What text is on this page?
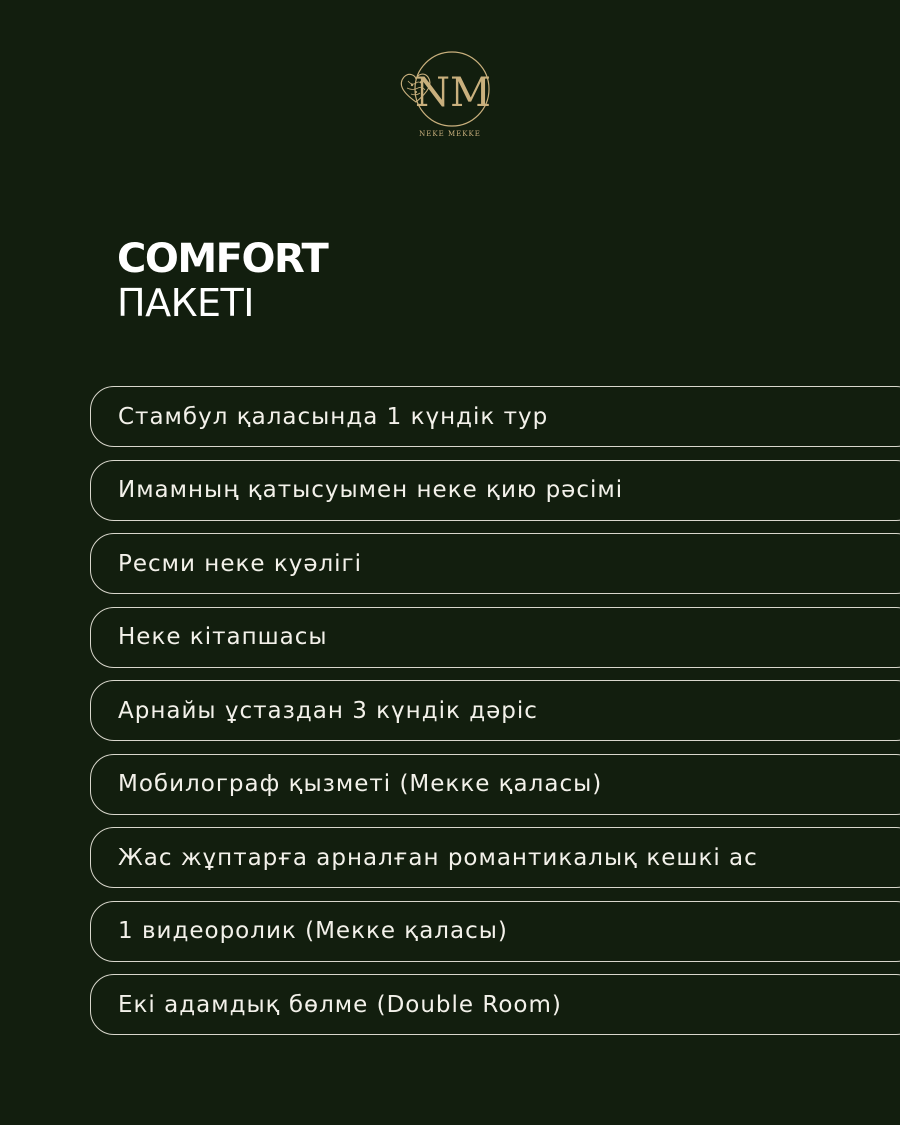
NM
NEKE MEKKE
COMFORT
ПАКЕТІ
Стамбул қаласында 1 күндік тур
Имамның қатысуымен неке қию рәсімі
Ресми неке куәлігі
Неке кітапшасы
Арнайы ұстаздан 3 күндік дәріс
Мобилограф қызметі (Мекке қаласы)
Жас жұптарға арналған романтикалық кешкі ас
1 видеоролик (Мекке қаласы)
Екі адамдық бөлме (Double Room)
